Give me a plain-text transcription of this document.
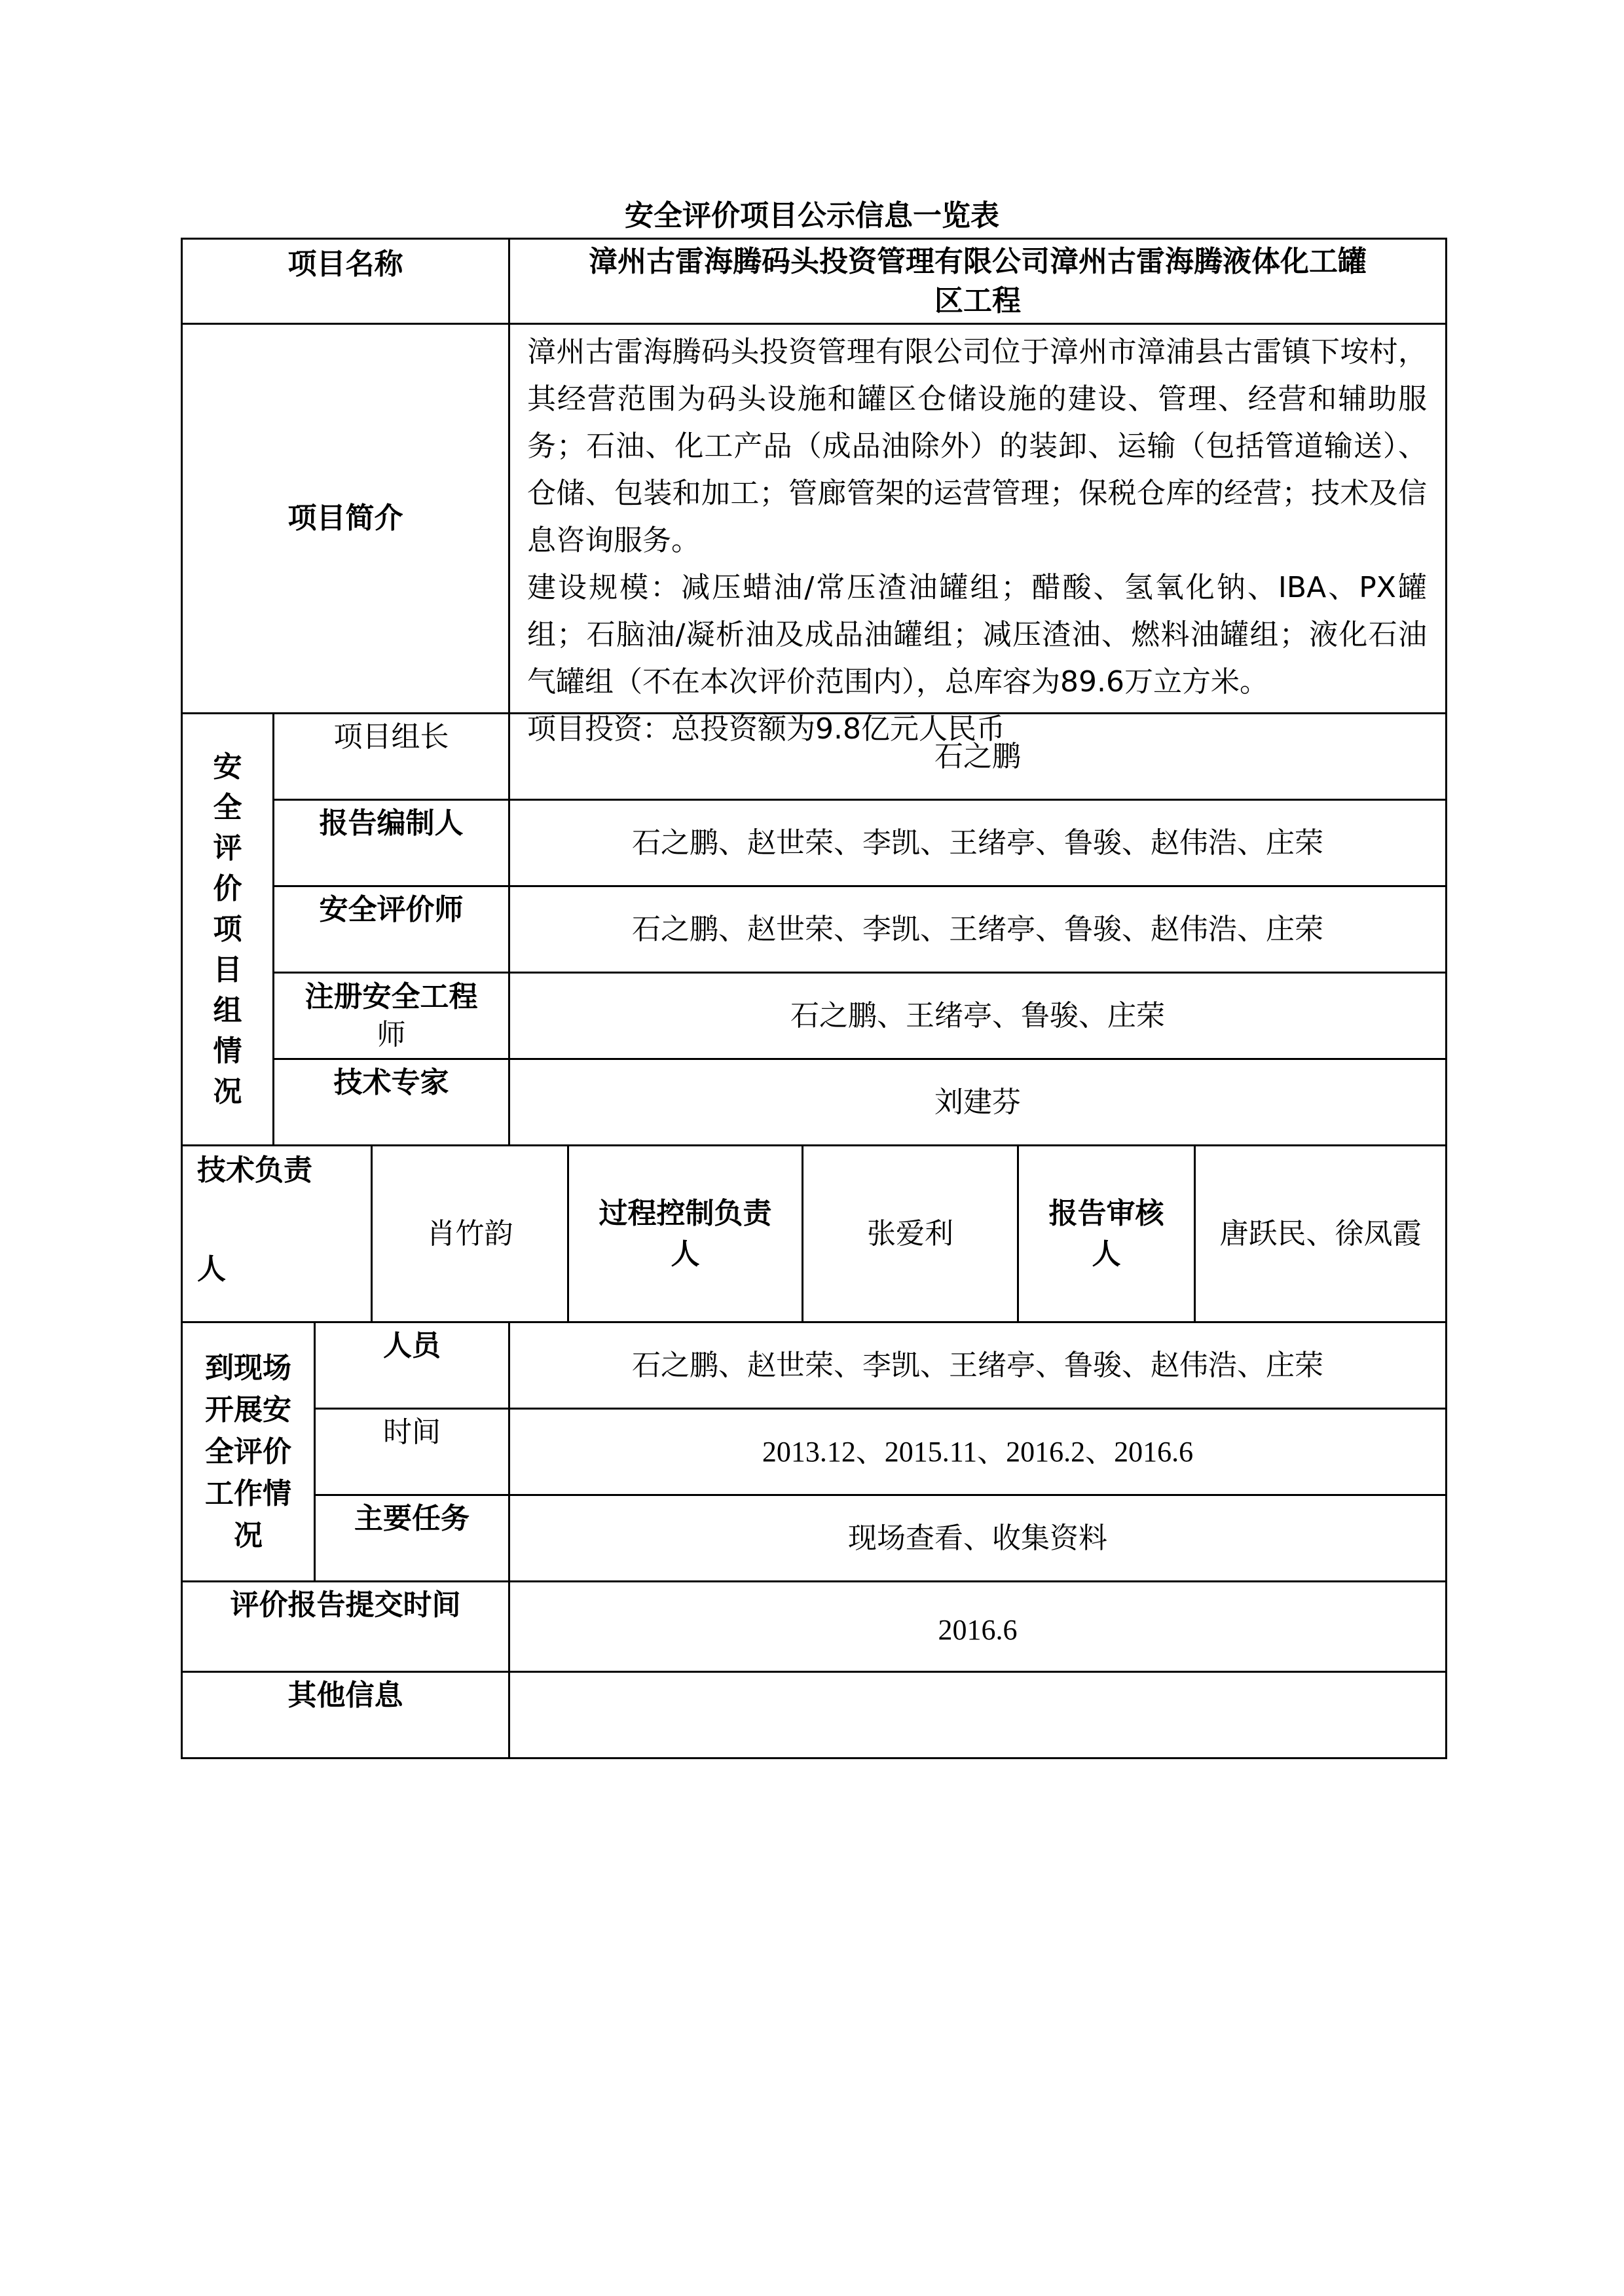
安全评价项目公示信息一览表
项目名称	漳州古雷海腾码头投资管理有限公司漳州古雷海腾液体化工罐
区工程
项目简介

漳州古雷海腾码头投资管理有限公司位于漳州市漳浦县古雷镇下垵村，其经营范围为码头设施和罐区仓储设施的建设、管理、经营和辅助服务；石油、化工产品（成品油除外）的装卸、运输（包括管道输送）、仓储、包装和加工；管廊管架的运营管理；保税仓库的经营；技术及信息咨询服务。

建设规模：减压蜡油/常压渣油罐组；醋酸、氢氧化钠、IBA、PX罐组；石脑油/凝析油及成品油罐组；减压渣油、燃料油罐组；液化石油气罐组（不在本次评价范围内），总库容为89.6万立方米。

项目投资：总投资额为9.8亿元人民币

安
全
评
价
项
目
组
情
况
项目组长
石之鹏
报告编制人
石之鹏、赵世荣、李凯、王绪亭、鲁骏、赵伟浩、庄荣
安全评价师
石之鹏、赵世荣、李凯、王绪亭、鲁骏、赵伟浩、庄荣
注册安全工程
师
石之鹏、王绪亭、鲁骏、庄荣
技术专家
刘建芬
技术负责
人
肖竹韵
过程控制负责
人
张爱利
报告审核
人
唐跃民、徐凤霞
到现场
开展安
全评价
工作情
况
人员
石之鹏、赵世荣、李凯、王绪亭、鲁骏、赵伟浩、庄荣
时间
2013.12、2015.11、2016.2、2016.6
主要任务
现场查看、收集资料
评价报告提交时间
2016.6
其他信息
